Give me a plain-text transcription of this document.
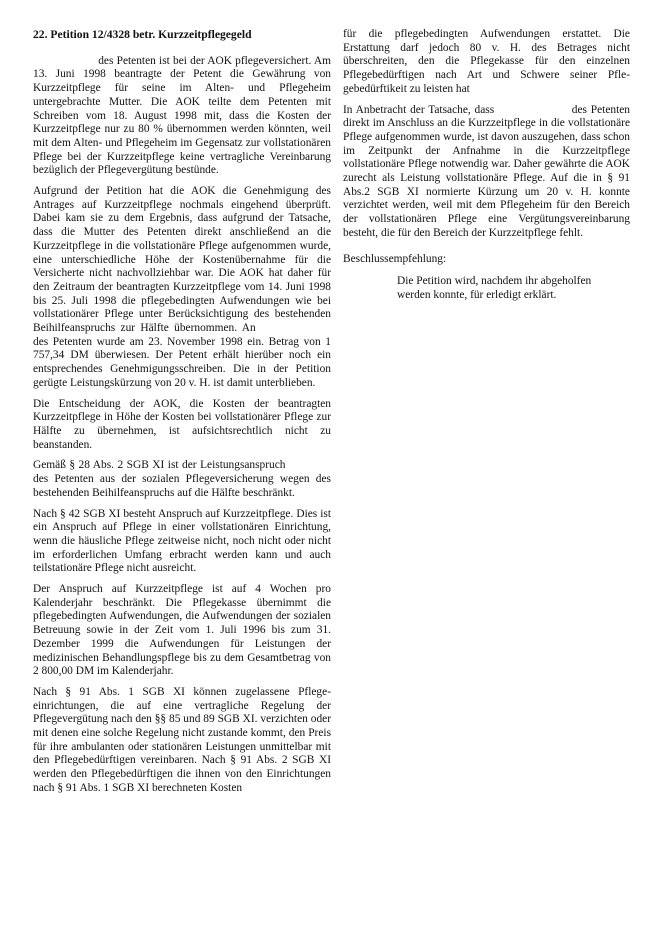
22. Petition 12/4328 betr. Kurzzeitpflegegeld

des Petenten ist bei der AOK pflegeversichert. Am 13. Juni 1998 beantragte der Petent die Gewährung von Kurzzeitpflege für seine im Alten- und Pflegeheim untergebrachte Mutter. Die AOK teilte dem Petenten mit Schreiben vom 18. August 1998 mit, dass die Kosten der Kurzzeitpflege nur zu 80 % übernommen werden könnten, weil mit dem Alten- und Pflegeheim im Gegensatz zur vollstationären Pflege bei der Kurzzeitpflege keine vertragliche Vereinbarung bezüglich der Pflegevergütung bestünde.

Aufgrund der Petition hat die AOK die Genehmigung des Antrages auf Kurzzeitpflege nochmals eingehend überprüft. Dabei kam sie zu dem Ergebnis, dass aufgrund der Tatsache, dass die Mutter des Petenten direkt anschließend an die Kurzzeitpflege in die vollstationäre Pflege aufgenommen wurde, eine unterschiedliche Höhe der Kostenübernahme für die Versicherte nicht nachvollziehbar war. Die AOK hat daher für den Zeitraum der beantragten Kurzzeitpflege vom 14. Juni 1998 bis 25. Juli 1998 die pflegebedingten Aufwendungen wie bei vollstationärer Pflege unter Berücksichtigung des bestehenden Beihilfeanspruchs zur Hälfte übernommen. An  des Petenten wurde am 23. November 1998 ein. Betrag von 1 757,34 DM überwiesen. Der Petent erhält hierüber noch ein entsprechendes Genehmigungsschreiben. Die in der Petition gerügte Leistungskürzung von 20 v. H. ist damit unterblieben.

Die Entscheidung der AOK, die Kosten der beantragten Kurzzeitpflege in Höhe der Kosten bei vollstationärer Pflege zur Hälfte zu übernehmen, ist aufsichtsrechtlich nicht zu beanstanden.

Gemäß § 28 Abs. 2 SGB XI ist der Leistungsanspruch  des Petenten aus der sozialen Pflegeversicherung wegen des bestehenden Beihilfeanspruchs auf die Hälfte beschränkt.

Nach § 42 SGB XI besteht Anspruch auf Kurzzeitpflege. Dies ist ein Anspruch auf Pflege in einer vollstationären Einrichtung, wenn die häusliche Pflege zeitweise nicht, noch nicht oder nicht im erforderlichen Umfang erbracht werden kann und auch teilstationäre Pflege nicht ausreicht.

Der Anspruch auf Kurzzeitpflege ist auf 4 Wochen pro Kalenderjahr beschränkt. Die Pflegekasse übernimmt die pflegebedingten Aufwendungen, die Aufwendungen der sozialen Betreuung sowie in der Zeit vom 1. Juli 1996 bis zum 31. Dezember 1999 die Aufwendungen für Leistungen der medizinischen Behandlungspflege bis zu dem Gesamtbetrag von 2 800,00 DM im Kalenderjahr.

Nach § 91 Abs. 1 SGB XI können zugelassene Pflegeeinrichtungen, die auf eine vertragliche Regelung der Pflegevergütung nach den §§ 85 und 89 SGB XI. verzichten oder mit denen eine solche Regelung nicht zustande kommt, den Preis für ihre ambulanten oder stationären Leistungen unmittelbar mit den Pflegebedürftigen vereinbaren. Nach § 91 Abs. 2 SGB XI werden den Pflegebedürftigen die ihnen von den Einrichtungen nach § 91 Abs. 1 SGB XI berechneten Kosten

für die pflegebedingten Aufwendungen erstattet. Die Erstattung darf jedoch 80 v. H. des Betrages nicht überschreiten, den die Pflegekasse für den einzelnen Pflegebedürftigen nach Art und Schwere seiner Pflegebedürftikeit zu leisten hat

In Anbetracht der Tatsache, dass	des Petenten direkt im Anschluss an die Kurzzeitpflege in die vollstationäre Pflege aufgenommen wurde, ist davon auszugehen, dass schon im Zeitpunkt der Anfnahme in die Kurzzeitpflege vollstationäre Pflege notwendig war. Daher gewährte die AOK zurecht als Leistung vollstationäre Pflege. Auf die in § 91 Abs.2 SGB XI normierte Kürzung um 20 v. H. konnte verzichtet werden, weil mit dem Pflegeheim für den Bereich der vollstationären Pflege eine Vergütungsvereinbarung besteht, die für den Bereich der Kurzzeitpflege fehlt.

Beschlussempfehlung:

Die Petition wird, nachdem ihr abgeholfen werden konnte, für erledigt erklärt.
